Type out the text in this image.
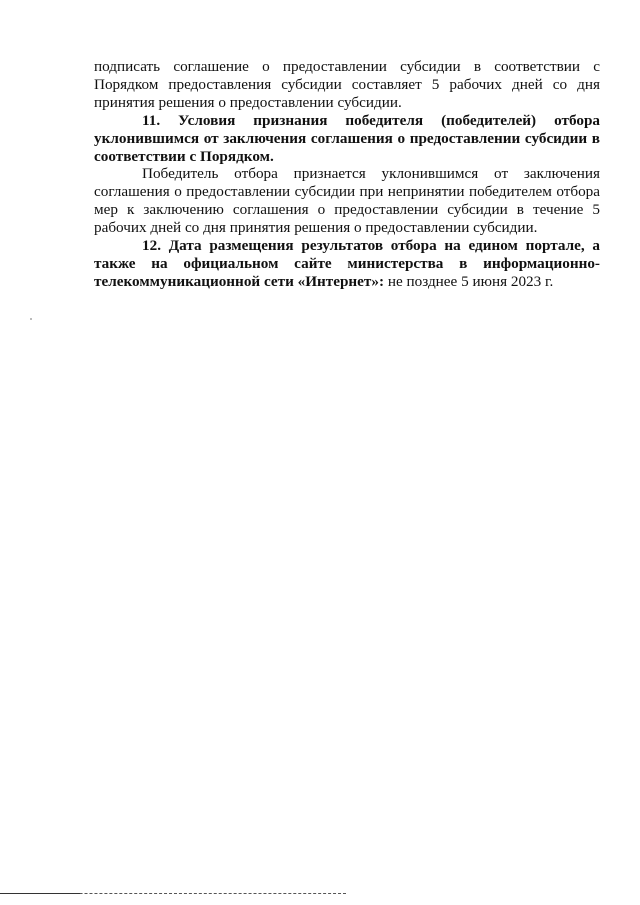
подписать соглашение о предоставлении субсидии в соответствии с Порядком предоставления субсидии составляет 5 рабочих дней со дня принятия решения о предоставлении субсидии.

11. Условия признания победителя (победителей) отбора уклонившимся от заключения соглашения о предоставлении субсидии в соответствии с Порядком.

Победитель отбора признается уклонившимся от заключения соглашения о предоставлении субсидии при непринятии победителем отбора мер к заключению соглашения о предоставлении субсидии в течение 5 рабочих дней со дня принятия решения о предоставлении субсидии.

12. Дата размещения результатов отбора на едином портале, а также на официальном сайте министерства в информационно-телекоммуникационной сети «Интернет»: не позднее 5 июня 2023 г.
